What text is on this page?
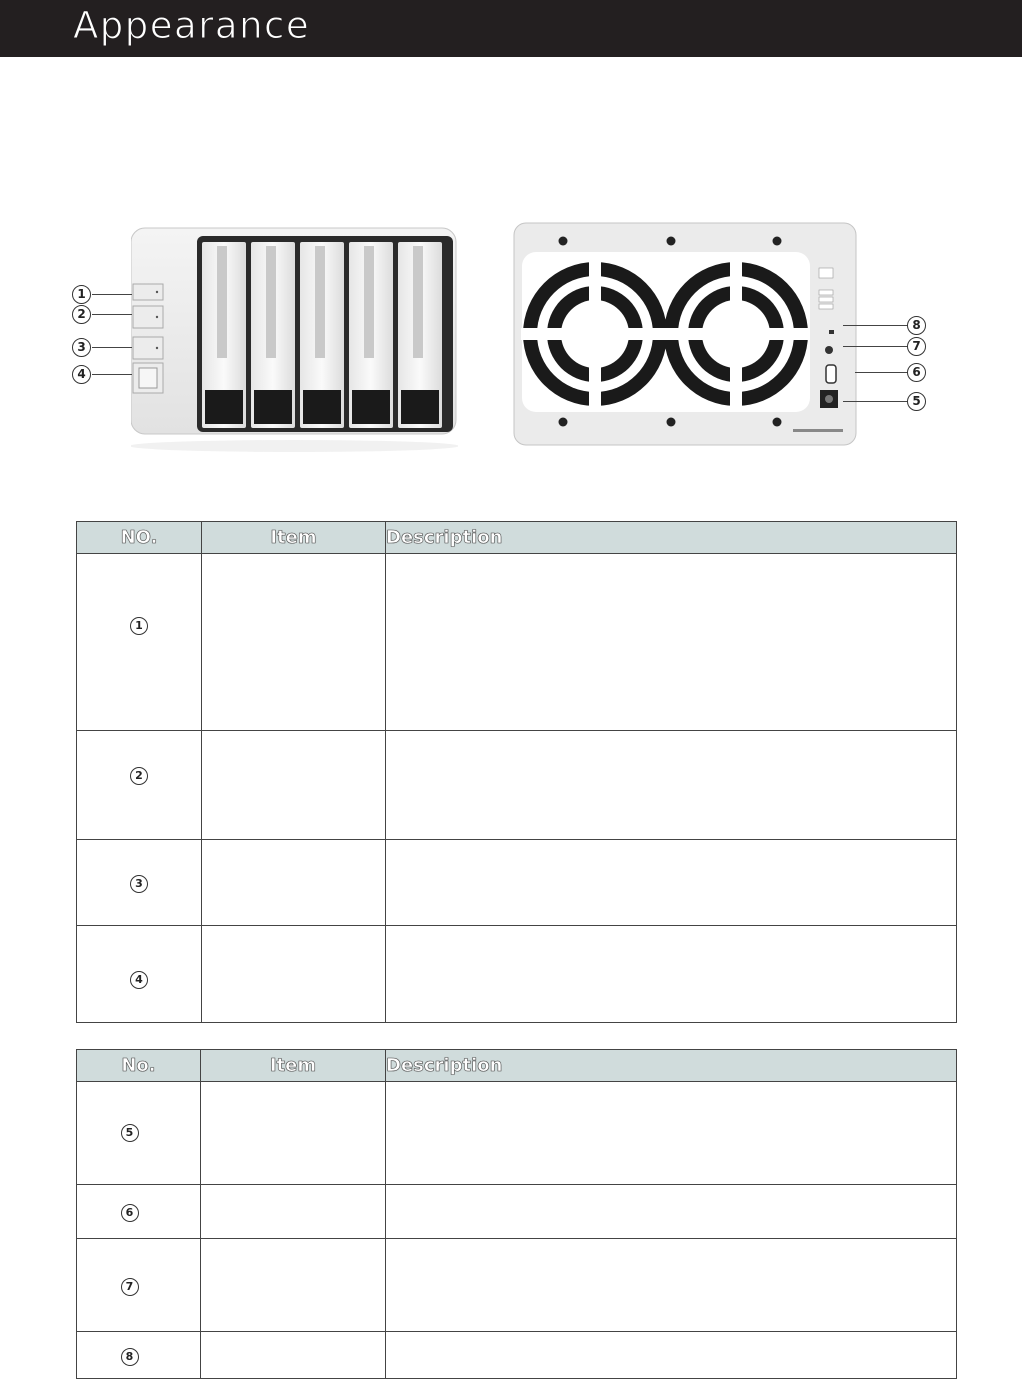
Appearance
1
2
3
4
8
7
6
5
NO.	Item	Description
1		
2		
3		
4		
No.	Item	Description
5		
6		
7		
8		
